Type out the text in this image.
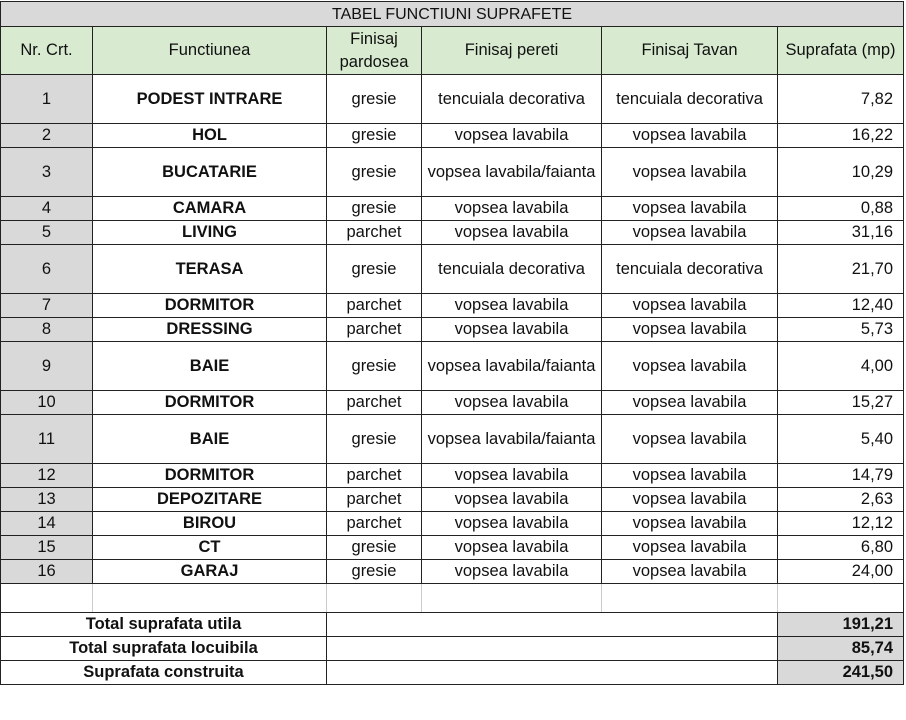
TABEL FUNCTIUNI SUPRAFETE					
Nr. Crt.	Functiunea	Finisaj pardosea	Finisaj pereti	Finisaj Tavan	Suprafata (mp)
1	PODEST INTRARE	gresie	tencuiala decorativa	tencuiala decorativa	7,82
2	HOL	gresie	vopsea lavabila	vopsea lavabila	16,22
3	BUCATARIE	gresie	vopsea lavabila/faianta	vopsea lavabila	10,29
4	CAMARA	gresie	vopsea lavabila	vopsea lavabila	0,88
5	LIVING	parchet	vopsea lavabila	vopsea lavabila	31,16
6	TERASA	gresie	tencuiala decorativa	tencuiala decorativa	21,70
7	DORMITOR	parchet	vopsea lavabila	vopsea lavabila	12,40
8	DRESSING	parchet	vopsea lavabila	vopsea lavabila	5,73
9	BAIE	gresie	vopsea lavabila/faianta	vopsea lavabila	4,00
10	DORMITOR	parchet	vopsea lavabila	vopsea lavabila	15,27
11	BAIE	gresie	vopsea lavabila/faianta	vopsea lavabila	5,40
12	DORMITOR	parchet	vopsea lavabila	vopsea lavabila	14,79
13	DEPOZITARE	parchet	vopsea lavabila	vopsea lavabila	2,63
14	BIROU	parchet	vopsea lavabila	vopsea lavabila	12,12
15	CT	gresie	vopsea lavabila	vopsea lavabila	6,80
16	GARAJ	gresie	vopsea lavabila	vopsea lavabila	24,00

Total suprafata utila					191,21
Total suprafata locuibila					85,74
Suprafata construita					241,50
